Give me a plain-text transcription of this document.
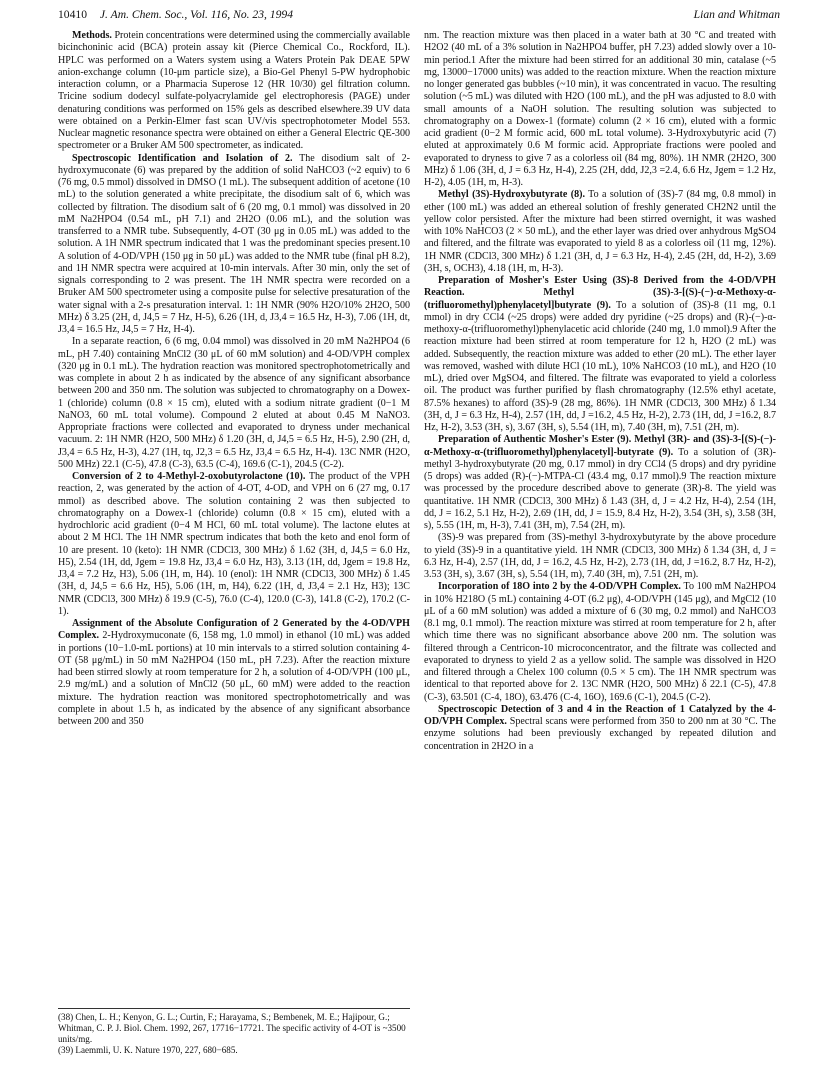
10410 J. Am. Chem. Soc., Vol. 116, No. 23, 1994	Lian and Whitman

Methods. Protein concentrations were determined using the commercially available bicinchoninic acid (BCA) protein assay kit (Pierce Chemical Co., Rockford, IL). HPLC was performed on a Waters system using a Waters Protein Pak DEAE 5PW anion-exchange column (10-μm particle size), a Bio-Gel Phenyl 5-PW hydrophobic interaction column, or a Pharmacia Superose 12 (HR 10/30) gel filtration column. Tricine sodium dodecyl sulfate-polyacrylamide gel electrophoresis (PAGE) under denaturing conditions was performed on 15% gels as described elsewhere.39 UV data were obtained on a Perkin-Elmer fast scan UV/vis spectrophotometer Model 553. Nuclear magnetic resonance spectra were obtained on either a General Electric QE-300 spectrometer or a Bruker AM 500 spectrometer, as indicated.

Spectroscopic Identification and Isolation of 2. The disodium salt of 2-hydroxymuconate (6) was prepared by the addition of solid NaHCO3 (~2 equiv) to 6 (76 mg, 0.5 mmol) dissolved in DMSO (1 mL). The subsequent addition of acetone (10 mL) to the solution generated a white precipitate, the disodium salt of 6, which was collected by filtration. The disodium salt of 6 (20 mg, 0.1 mmol) was dissolved in 20 mM Na2HPO4 (0.54 mL, pH 7.1) and 2H2O (0.06 mL), and the solution was transferred to a NMR tube. Subsequently, 4-OT (30 μg in 0.05 mL) was added to the solution. A 1H NMR spectrum indicated that 1 was the predominant species present.10 A solution of 4-OD/VPH (150 μg in 50 μL) was added to the NMR tube (final pH 8.2), and 1H NMR spectra were acquired at 10-min intervals. After 30 min, only the set of signals corresponding to 2 was present. The 1H NMR spectra were recorded on a Bruker AM 500 spectrometer using a composite pulse for selective presaturation of the water signal with a 2-s presaturation interval. 1: 1H NMR (90% H2O/10% 2H2O, 500 MHz) δ 3.25 (2H, d, J4,5 = 7 Hz, H-5), 6.26 (1H, d, J3,4 = 16.5 Hz, H-3), 7.06 (1H, dt, J3,4 = 16.5 Hz, J4,5 = 7 Hz, H-4).

In a separate reaction, 6 (6 mg, 0.04 mmol) was dissolved in 20 mM Na2HPO4 (6 mL, pH 7.40) containing MnCl2 (30 μL of 60 mM solution) and 4-OD/VPH complex (320 μg in 0.1 mL). The hydration reaction was monitored spectrophotometrically and was complete in about 2 h as indicated by the absence of any significant absorbance between 200 and 350 nm. The solution was subjected to chromatography on a Dowex-1 (chloride) column (0.8 × 15 cm), eluted with a sodium nitrate gradient (0−1 M NaNO3, 60 mL total volume). Compound 2 eluted at about 0.45 M NaNO3. Appropriate fractions were collected and evaporated to dryness under mechanical vacuum. 2: 1H NMR (H2O, 500 MHz) δ 1.20 (3H, d, J4,5 = 6.5 Hz, H-5), 2.90 (2H, d, J3,4 = 6.5 Hz, H-3), 4.27 (1H, tq, J2,3 = 6.5 Hz, J3,4 = 6.5 Hz, H-4). 13C NMR (H2O, 500 MHz) 22.1 (C-5), 47.8 (C-3), 63.5 (C-4), 169.6 (C-1), 204.5 (C-2).

Conversion of 2 to 4-Methyl-2-oxobutyrolactone (10). The product of the VPH reaction, 2, was generated by the action of 4-OT, 4-OD, and VPH on 6 (27 mg, 0.17 mmol) as described above. The solution containing 2 was then subjected to chromatography on a Dowex-1 (chloride) column (0.8 × 15 cm), eluted with a hydrochloric acid gradient (0−4 M HCl, 60 mL total volume). The lactone elutes at about 2 M HCl. The 1H NMR spectrum indicates that both the keto and enol form of 10 are present. 10 (keto): 1H NMR (CDCl3, 300 MHz) δ 1.62 (3H, d, J4,5 = 6.0 Hz, H5), 2.54 (1H, dd, Jgem = 19.8 Hz, J3,4 = 6.0 Hz, H3), 3.13 (1H, dd, Jgem = 19.8 Hz, J3,4 = 7.2 Hz, H3), 5.06 (1H, m, H4). 10 (enol): 1H NMR (CDCl3, 300 MHz) δ 1.45 (3H, d, J4,5 = 6.6 Hz, H5), 5.06 (1H, m, H4), 6.22 (1H, d, J3,4 = 2.1 Hz, H3); 13C NMR (CDCl3, 300 MHz) δ 19.9 (C-5), 76.0 (C-4), 120.0 (C-3), 141.8 (C-2), 170.2 (C-1).

Assignment of the Absolute Configuration of 2 Generated by the 4-OD/VPH Complex. 2-Hydroxymuconate (6, 158 mg, 1.0 mmol) in ethanol (10 mL) was added in portions (10−1.0-mL portions) at 10 min intervals to a stirred solution containing 4-OT (58 μg/mL) in 50 mM Na2HPO4 (150 mL, pH 7.23). After the reaction mixture had been stirred slowly at room temperature for 2 h, a solution of 4-OD/VPH (100 μL, 2.9 mg/mL) and a solution of MnCl2 (50 μL, 60 mM) were added to the reaction mixture. The hydration reaction was monitored spectrophotometrically and was complete in about 1.5 h, as indicated by the absence of any significant absorbance between 200 and 350

nm. The reaction mixture was then placed in a water bath at 30 °C and treated with H2O2 (40 mL of a 3% solution in Na2HPO4 buffer, pH 7.23) added slowly over a 10-min period.1 After the mixture had been stirred for an additional 30 min, catalase (~5 mg, 13000−17000 units) was added to the reaction mixture. When the reaction mixture no longer generated gas bubbles (~10 min), it was concentrated in vacuo. The resulting solution (~5 mL) was diluted with H2O (100 mL), and the pH was adjusted to 8.0 with small amounts of a NaOH solution. The resulting solution was subjected to chromatography on a Dowex-1 (formate) column (2 × 16 cm), eluted with a formic acid gradient (0−2 M formic acid, 600 mL total volume). 3-Hydroxybutyric acid (7) eluted at approximately 0.6 M formic acid. Appropriate fractions were pooled and evaporated to dryness to give 7 as a colorless oil (84 mg, 80%). 1H NMR (2H2O, 300 MHz) δ 1.06 (3H, d, J = 6.3 Hz, H-4), 2.25 (2H, ddd, J2,3 =2.4, 6.6 Hz, Jgem = 1.2 Hz, H-2), 4.05 (1H, m, H-3).

Methyl (3S)-Hydroxybutyrate (8). To a solution of (3S)-7 (84 mg, 0.8 mmol) in ether (100 mL) was added an ethereal solution of freshly generated CH2N2 until the yellow color persisted. After the mixture had been stirred overnight, it was washed with 10% NaHCO3 (2 × 50 mL), and the ether layer was dried over anhydrous MgSO4 and filtered, and the filtrate was evaporated to yield 8 as a colorless oil (11 mg, 12%). 1H NMR (CDCl3, 300 MHz) δ 1.21 (3H, d, J = 6.3 Hz, H-4), 2.45 (2H, dd, H-2), 3.69 (3H, s, OCH3), 4.18 (1H, m, H-3).

Preparation of Mosher's Ester Using (3S)-8 Derived from the 4-OD/VPH Reaction. Methyl (3S)-3-[(S)-(−)-α-Methoxy-α-(trifluoromethyl)phenylacetyl]butyrate (9). To a solution of (3S)-8 (11 mg, 0.1 mmol) in dry CCl4 (~25 drops) were added dry pyridine (~25 drops) and (R)-(−)-α-methoxy-α-(trifluoromethyl)phenylacetic acid chloride (240 mg, 1.0 mmol).9 After the reaction mixture had been stirred at room temperature for 12 h, H2O (2 mL) was added. Subsequently, the reaction mixture was added to ether (20 mL). The ether layer was removed, washed with dilute HCl (10 mL), 10% NaHCO3 (10 mL), and H2O (10 mL), dried over MgSO4, and filtered. The filtrate was evaporated to yield a colorless oil. The product was further purified by flash chromatography (12.5% ethyl acetate, 87.5% hexanes) to afford (3S)-9 (28 mg, 86%). 1H NMR (CDCl3, 300 MHz) δ 1.34 (3H, d, J = 6.3 Hz, H-4), 2.57 (1H, dd, J =16.2, 4.5 Hz, H-2), 2.73 (1H, dd, J =16.2, 8.7 Hz, H-2), 3.53 (3H, s), 3.67 (3H, s), 5.54 (1H, m), 7.40 (3H, m), 7.51 (2H, m).

Preparation of Authentic Mosher's Ester (9). Methyl (3R)- and (3S)-3-[(S)-(−)-α-Methoxy-α-(trifluoromethyl)phenylacetyl]-butyrate (9). To a solution of (3R)-methyl 3-hydroxybutyrate (20 mg, 0.17 mmol) in dry CCl4 (5 drops) and dry pyridine (5 drops) was added (R)-(−)-MTPA-Cl (43.4 mg, 0.17 mmol).9 The reaction mixture was processed by the procedure described above to generate (3R)-8. The yield was quantitative. 1H NMR (CDCl3, 300 MHz) δ 1.43 (3H, d, J = 4.2 Hz, H-4), 2.54 (1H, dd, J = 16.2, 5.1 Hz, H-2), 2.69 (1H, dd, J = 15.9, 8.4 Hz, H-2), 3.54 (3H, s), 3.58 (3H, s), 5.55 (1H, m, H-3), 7.41 (3H, m), 7.54 (2H, m).

(3S)-9 was prepared from (3S)-methyl 3-hydroxybutyrate by the above procedure to yield (3S)-9 in a quantitative yield. 1H NMR (CDCl3, 300 MHz) δ 1.34 (3H, d, J = 6.3 Hz, H-4), 2.57 (1H, dd, J = 16.2, 4.5 Hz, H-2), 2.73 (1H, dd, J =16.2, 8.7 Hz, H-2), 3.53 (3H, s), 3.67 (3H, s), 5.54 (1H, m), 7.40 (3H, m), 7.51 (2H, m).

Incorporation of 18O into 2 by the 4-OD/VPH Complex. To 100 mM Na2HPO4 in 10% H218O (5 mL) containing 4-OT (6.2 μg), 4-OD/VPH (145 μg), and MgCl2 (10 μL of a 60 mM solution) was added a mixture of 6 (30 mg, 0.2 mmol) and NaHCO3 (8.1 mg, 0.1 mmol). The reaction mixture was stirred at room temperature for 2 h, after which time there was no significant absorbance above 200 nm. The solution was filtered through a Centricon-10 microconcentrator, and the filtrate was collected and evaporated to dryness to yield 2 as a yellow solid. The sample was dissolved in H2O and filtered through a Chelex 100 column (0.5 × 5 cm). The 1H NMR spectrum was identical to that reported above for 2. 13C NMR (H2O, 500 MHz) δ 22.1 (C-5), 47.8 (C-3), 63.501 (C-4, 18O), 63.476 (C-4, 16O), 169.6 (C-1), 204.5 (C-2).

Spectroscopic Detection of 3 and 4 in the Reaction of 1 Catalyzed by the 4-OD/VPH Complex. Spectral scans were performed from 350 to 200 nm at 30 °C. The enzyme solutions had been previously exchanged by repeated dilution and concentration in 2H2O in a

(38) Chen, L. H.; Kenyon, G. L.; Curtin, F.; Harayama, S.; Bembenek, M. E.; Hajipour, G.; Whitman, C. P. J. Biol. Chem. 1992, 267, 17716−17721. The specific activity of 4-OT is ~3500 units/mg.
(39) Laemmli, U. K. Nature 1970, 227, 680−685.
